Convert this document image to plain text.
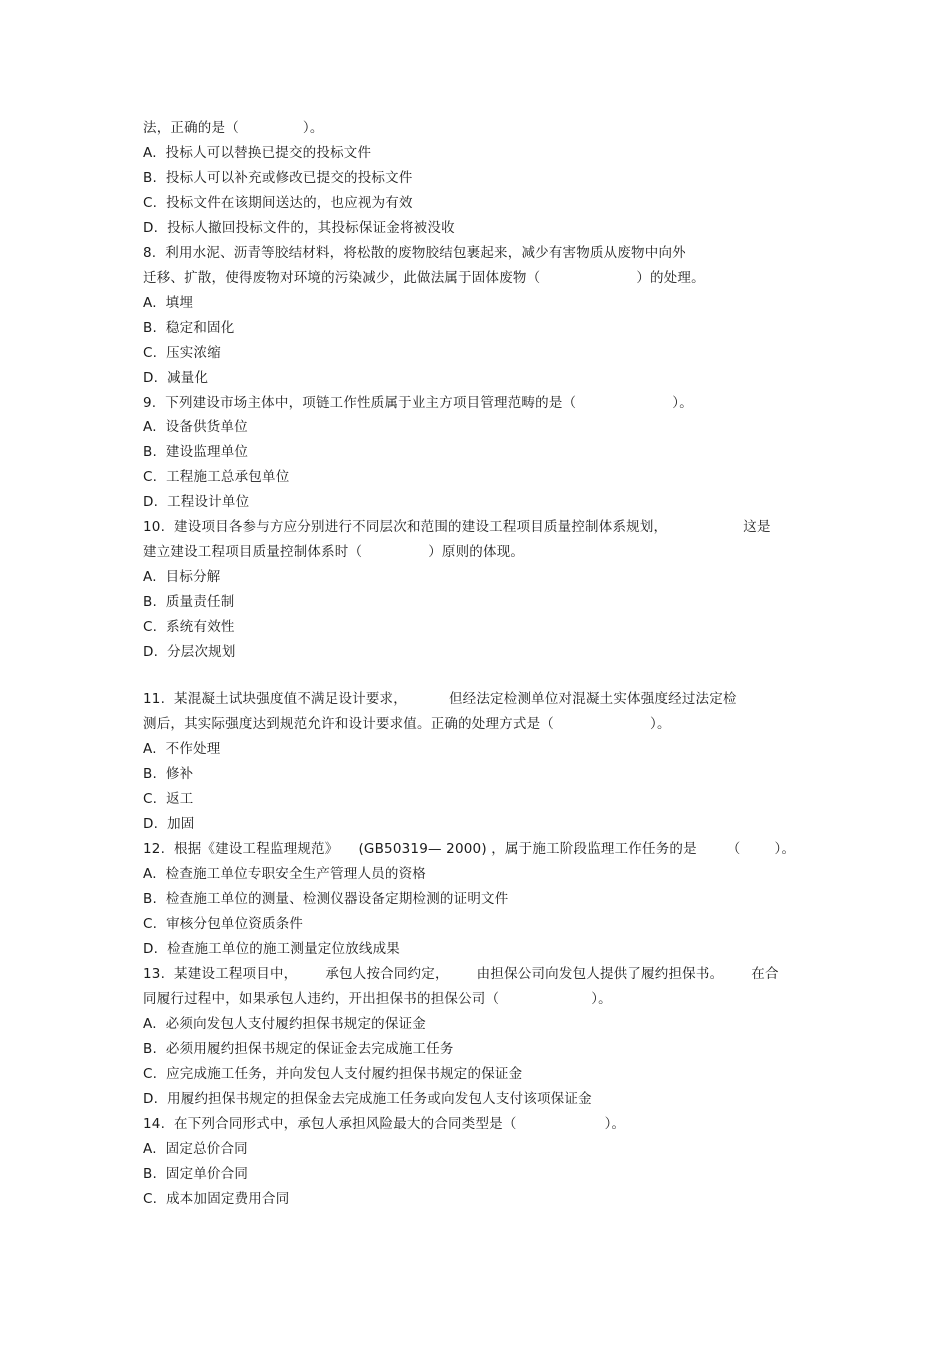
法，正确的是（	）。
A.  投标人可以替换已提交的投标文件
B.  投标人可以补充或修改已提交的投标文件
C.  投标文件在该期间送达的，也应视为有效
D.  投标人撤回投标文件的，其投标保证金将被没收
8.  利用水泥、沥青等胶结材料，将松散的废物胶结包裹起来，减少有害物质从废物中向外
迁移、扩散，使得废物对环境的污染减少，此做法属于固体废物（	）的处理。
A.  填埋
B.  稳定和固化
C.  压实浓缩
D.  减量化
9.  下列建设市场主体中，项链工作性质属于业主方项目管理范畴的是（	）。
A.  设备供货单位
B.  建设监理单位
C.  工程施工总承包单位
D.  工程设计单位
10.  建设项目各参与方应分别进行不同层次和范围的建设工程项目质量控制体系规划，	这是
建立建设工程项目质量控制体系时（	）原则的体现。
A.  目标分解
B.  质量责任制
C.  系统有效性
D.  分层次规划
11.  某混凝土试块强度值不满足设计要求，	但经法定检测单位对混凝土实体强度经过法定检
测后，其实际强度达到规范允许和设计要求值。正确的处理方式是（	）。
A.  不作处理
B.  修补
C.  返工
D.  加固
12.  根据《建设工程监理规范》 (GB50319— 2000) ，属于施工阶段监理工作任务的是 （	）。
A.  检查施工单位专职安全生产管理人员的资格
B.  检查施工单位的测量、检测仪器设备定期检测的证明文件
C.  审核分包单位资质条件
D.  检查施工单位的施工测量定位放线成果
13.  某建设工程项目中， 承包人按合同约定， 由担保公司向发包人提供了履约担保书。 在合
同履行过程中，如果承包人违约，开出担保书的担保公司（	）。
A.  必须向发包人支付履约担保书规定的保证金
B.  必须用履约担保书规定的保证金去完成施工任务
C.  应完成施工任务，并向发包人支付履约担保书规定的保证金
D.  用履约担保书规定的担保金去完成施工任务或向发包人支付该项保证金
14.  在下列合同形式中，承包人承担风险最大的合同类型是（	）。
A.  固定总价合同
B.  固定单价合同
C.  成本加固定费用合同
